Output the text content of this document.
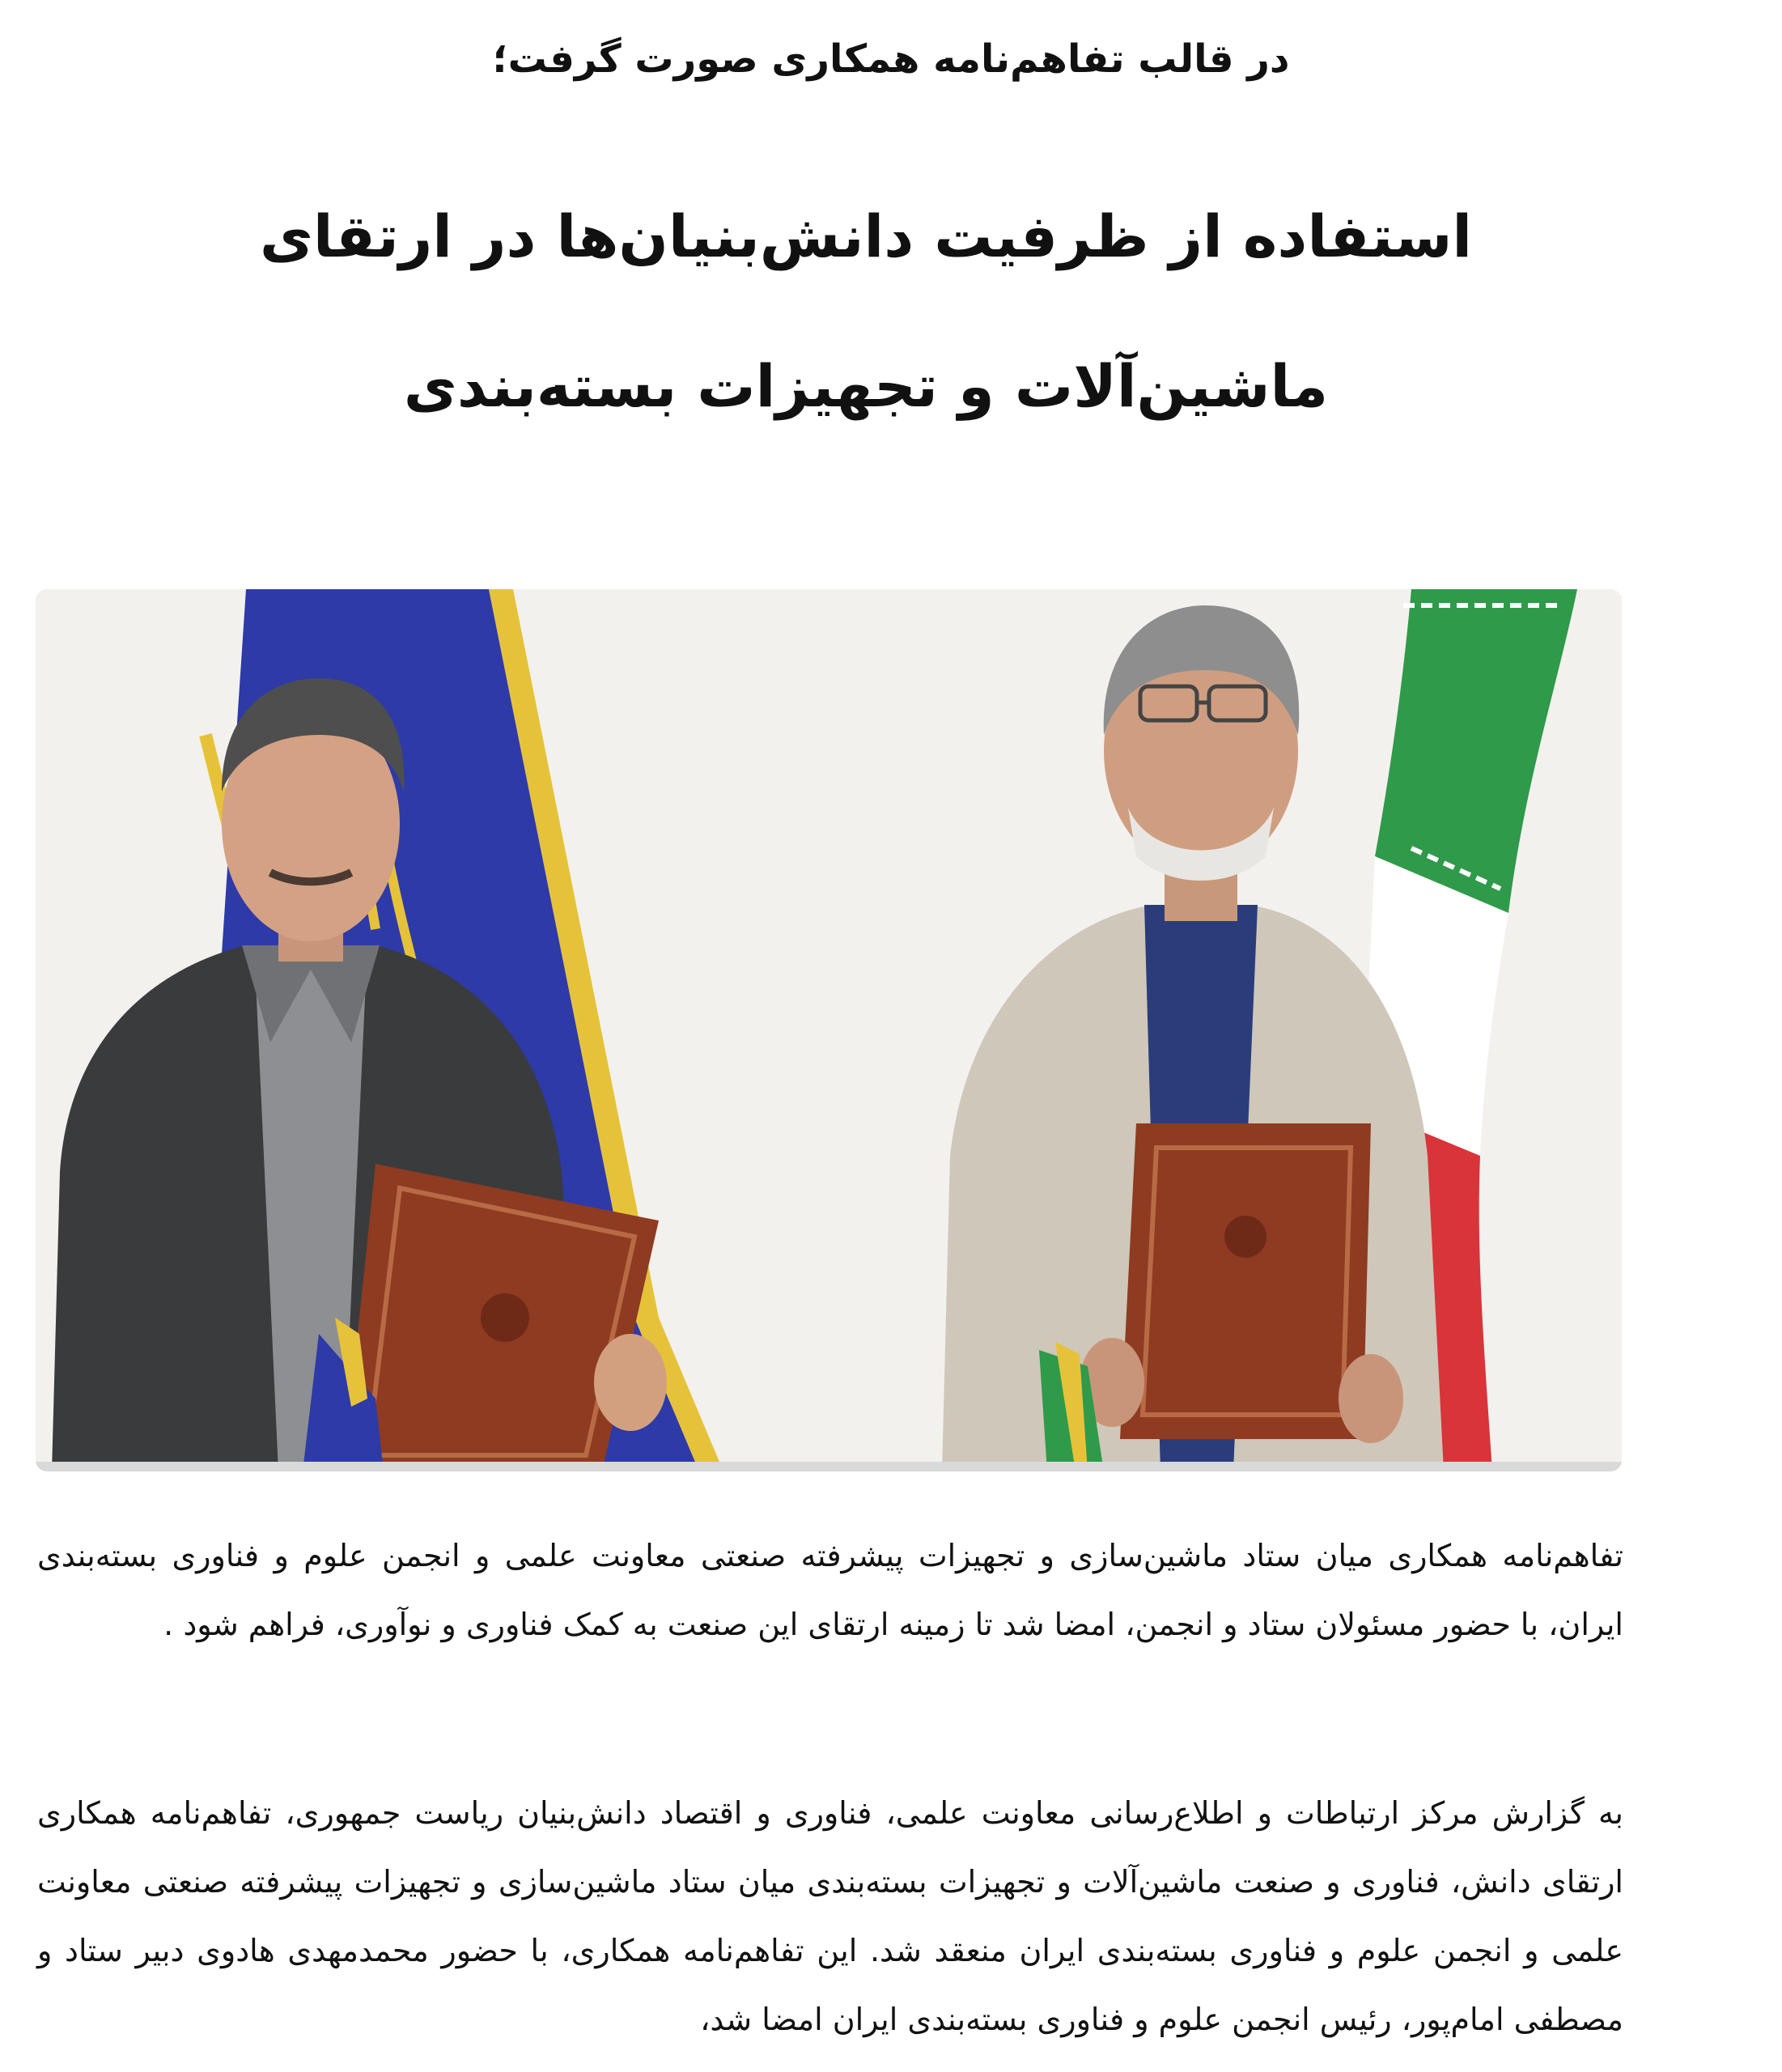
در قالب تفاهم‌نامه همکاری صورت گرفت؛
استفاده از ظرفیت دانش‌بنیان‌ها در ارتقای ماشین‌آلات و تجهیزات بسته‌بندی

تفاهم‌نامه همکاری میان ستاد ماشین‌سازی و تجهیزات پیشرفته صنعتی معاونت علمی و انجمن علوم و فناوری بسته‌بندی ایران، با حضور مسئولان ستاد و انجمن، امضا شد تا زمینه ارتقای این صنعت به کمک فناوری و نوآوری، فراهم شود .

به گزارش مرکز ارتباطات و اطلاع‌رسانی معاونت علمی، فناوری و اقتصاد دانش‌بنیان ریاست جمهوری، تفاهم‌نامه همکاری ارتقای دانش، فناوری و صنعت ماشین‌آلات و تجهیزات بسته‌بندی میان ستاد ماشین‌سازی و تجهیزات پیشرفته صنعتی معاونت علمی و انجمن علوم و فناوری بسته‌بندی ایران منعقد شد. این تفاهم‌نامه همکاری، با حضور محمدمهدی هادوی دبیر ستاد و مصطفی امام‌پور، رئیس انجمن علوم و فناوری بسته‌بندی ایران امضا شد،
